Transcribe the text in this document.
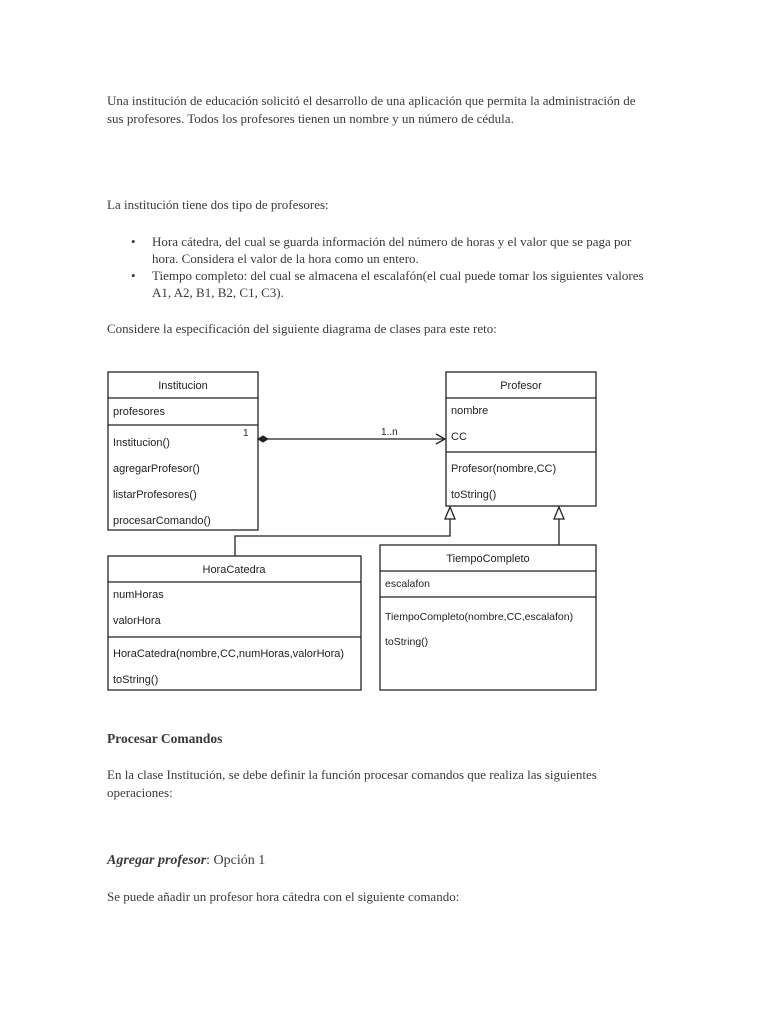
Una institución de educación solicitó el desarrollo de una aplicación que permita la administración de sus profesores. Todos los profesores tienen un nombre y un número de cédula.

La institución tiene dos tipo de profesores:

• Hora cátedra, del cual se guarda información del número de horas y el valor que se paga por hora. Considera el valor de la hora como un entero.
• Tiempo completo: del cual se almacena el escalafón(el cual puede tomar los siguientes valores A1, A2, B1, B2, C1, C3).

Considere la especificación del siguiente diagrama de clases para este reto:

Institucion
profesores
Institucion()
agregarProfesor()
listarProfesores()
procesarComando()
Profesor
nombre
CC
Profesor(nombre,CC)
toString()
1	1..n
HoraCatedra
numHoras
valorHora
HoraCatedra(nombre,CC,numHoras,valorHora)
toString()
TiempoCompleto
escalafon
TiempoCompleto(nombre,CC,escalafon)
toString()

Procesar Comandos

En la clase Institución, se debe definir la función procesar comandos que realiza las siguientes operaciones:

Agregar profesor: Opción 1

Se puede añadir un profesor hora cátedra con el siguiente comando:
